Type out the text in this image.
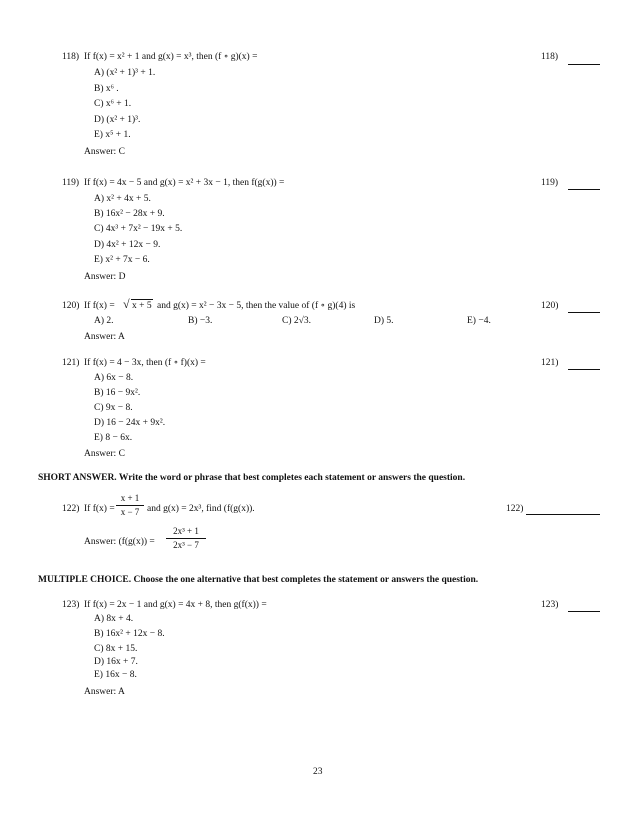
118) If f(x) = x² + 1 and g(x) = x³, then (f ∘ g)(x) =	118)
A) (x² + 1)³ + 1.
B) x⁶ .
C) x⁶ + 1.
D) (x² + 1)³.
E) x⁵ + 1.
Answer: C
119) If f(x) = 4x − 5 and g(x) = x² + 3x − 1, then f(g(x)) =	119)
A) x² + 4x + 5.
B) 16x² − 28x + 9.
C) 4x³ + 7x² − 19x + 5.
D) 4x² + 12x − 9.
E) x² + 7x − 6.
Answer: D
120) If f(x) = √ x + 5 and g(x) = x² − 3x − 5, then the value of (f ∘ g)(4) is	120)
A) 2.	B) −3.	C) 2√3.	D) 5.	E) −4.
Answer: A
121) If f(x) = 4 − 3x, then (f ∘ f)(x) =	121)
A) 6x − 8.
B) 16 − 9x².
C) 9x − 8.
D) 16 − 24x + 9x².
E) 8 − 6x.
Answer: C
SHORT ANSWER. Write the word or phrase that best completes each statement or answers the question.
122) If f(x) =
x + 1
x − 7 and g(x) = 2x³, find (f(g(x)).	122)
Answer: (f(g(x)) =
2x³ + 1
2x³ − 7
MULTIPLE CHOICE. Choose the one alternative that best completes the statement or answers the question.
123) If f(x) = 2x − 1 and g(x) = 4x + 8, then g(f(x)) =	123)
A) 8x + 4.
B) 16x² + 12x − 8.
C) 8x + 15.
D) 16x + 7.
E) 16x − 8.
Answer: A
23
